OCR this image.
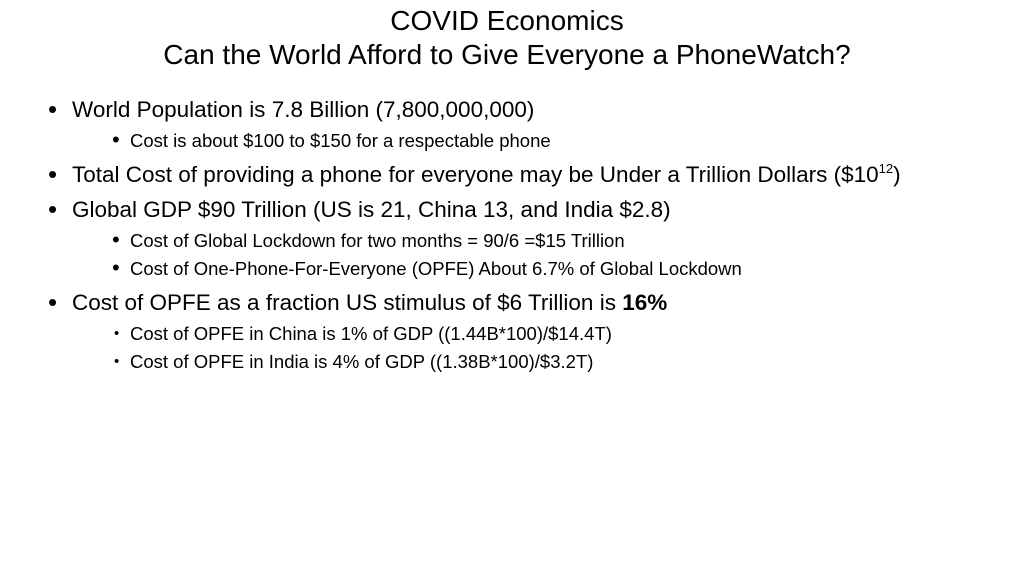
COVID Economics
Can the World Afford to Give Everyone a PhoneWatch?
• World Population is 7.8 Billion (7,800,000,000)
• Cost is about $100 to $150 for a respectable phone
• Total Cost of providing a phone for everyone may be Under a Trillion Dollars $(\$10^{12})$
• Global GDP $90 Trillion (US is 21, China 13, and India $2.8)
• Cost of Global Lockdown for two months = 90/6 =$15 Trillion
• Cost of One-Phone-For-Everyone (OPFE) About 6.7% of Global Lockdown
• Cost of OPFE as a fraction US stimulus of $6 Trillion is 16%
• Cost of OPFE in China is 1% of GDP ((1.44B*100)/$14.4T)
• Cost of OPFE in India is 4% of GDP ((1.38B*100)/$3.2T)
